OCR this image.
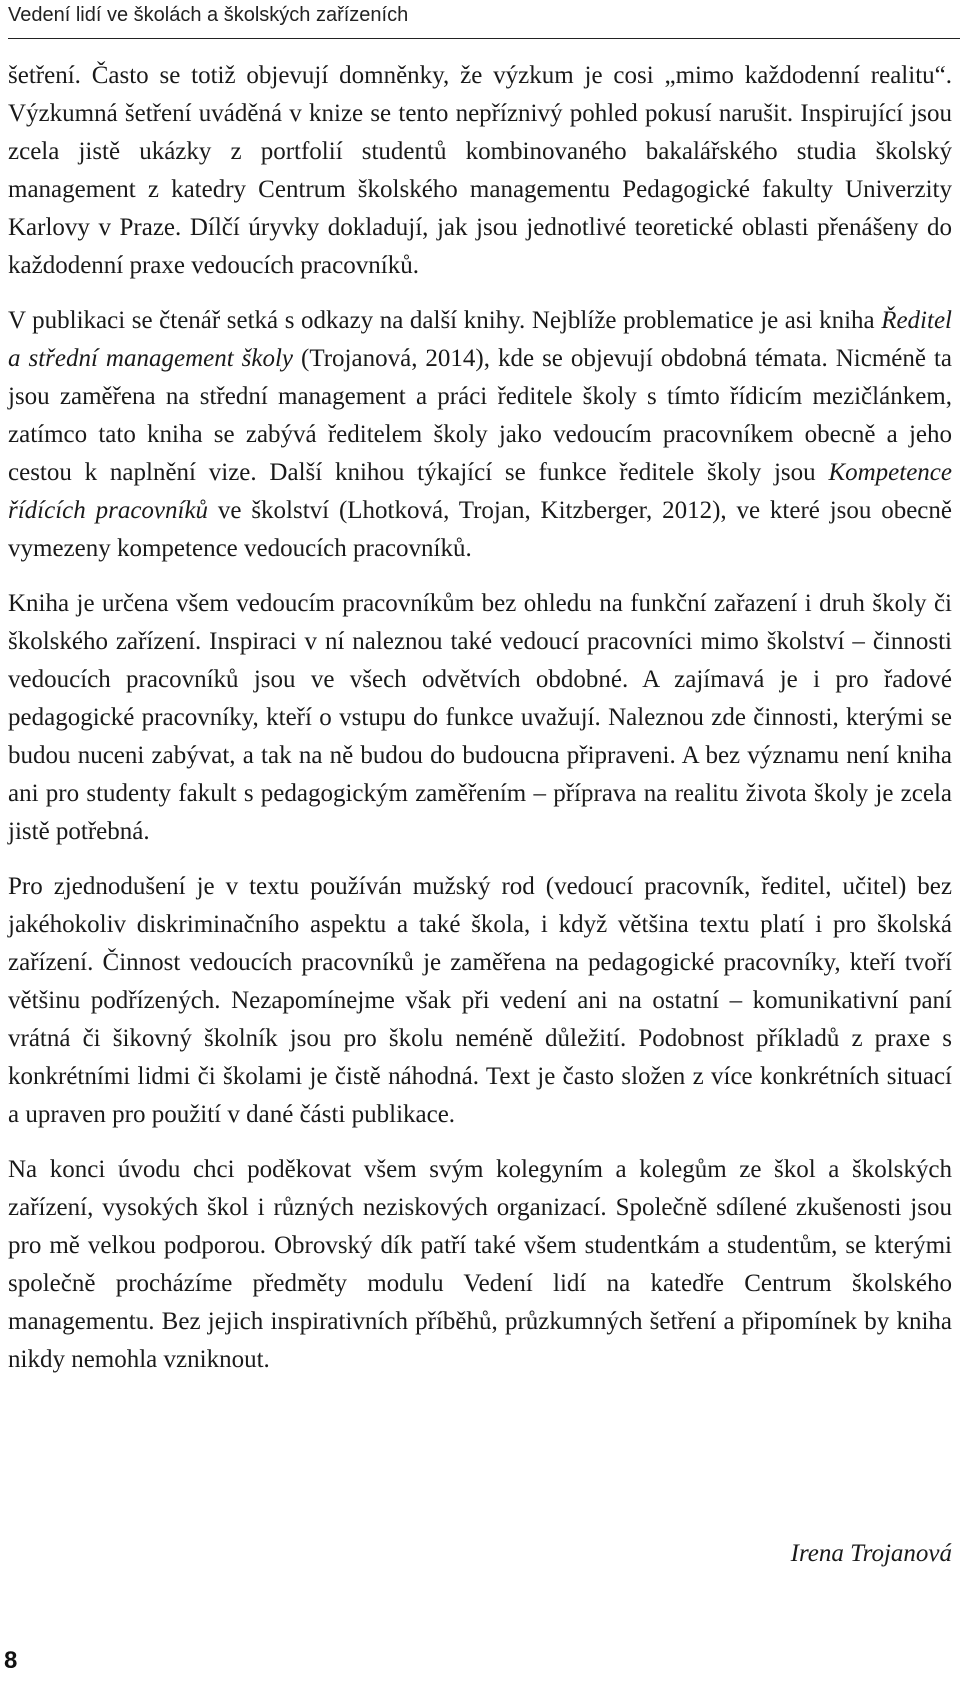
Vedení lidí ve školách a školských zařízeních

šetření. Často se totiž objevují domněnky, že výzkum je cosi „mimo každodenní realitu“. Výzkumná šetření uváděná v knize se tento nepříznivý pohled pokusí narušit. Inspirující jsou zcela jistě ukázky z portfolií studentů kombinovaného bakalářského studia školský management z katedry Centrum školského managementu Pedagogické fakulty Univerzity Karlovy v Praze. Dílčí úryvky dokladují, jak jsou jednotlivé teoretické oblasti přenášeny do každodenní praxe vedoucích pracovníků.

V publikaci se čtenář setká s odkazy na další knihy. Nejblíže problematice je asi kniha Ředitel a střední management školy (Trojanová, 2014), kde se objevují obdobná témata. Nicméně ta jsou zaměřena na střední management a práci ředitele školy s tímto řídicím mezičlánkem, zatímco tato kniha se zabývá ředitelem školy jako vedoucím pracovníkem obecně a jeho cestou k naplnění vize. Další knihou týkající se funkce ředitele školy jsou Kompetence řídících pracovníků ve školství (Lhotková, Trojan, Kitzberger, 2012), ve které jsou obecně vymezeny kompetence vedoucích pracovníků.

Kniha je určena všem vedoucím pracovníkům bez ohledu na funkční zařazení i druh školy či školského zařízení. Inspiraci v ní naleznou také vedoucí pracovníci mimo školství – činnosti vedoucích pracovníků jsou ve všech odvětvích obdobné. A zajímavá je i pro řadové pedagogické pracovníky, kteří o vstupu do funkce uvažují. Naleznou zde činnosti, kterými se budou nuceni zabývat, a tak na ně budou do budoucna připraveni. A bez významu není kniha ani pro studenty fakult s pedagogickým zaměřením – příprava na realitu života školy je zcela jistě potřebná.

Pro zjednodušení je v textu používán mužský rod (vedoucí pracovník, ředitel, učitel) bez jakéhokoliv diskriminačního aspektu a také škola, i když většina textu platí i pro školská zařízení. Činnost vedoucích pracovníků je zaměřena na pedagogické pracovníky, kteří tvoří většinu podřízených. Nezapomínejme však při vedení ani na ostatní – komunikativní paní vrátná či šikovný školník jsou pro školu neméně důležití. Podobnost příkladů z praxe s konkrétními lidmi či školami je čistě náhodná. Text je často složen z více konkrétních situací a upraven pro použití v dané části publikace.

Na konci úvodu chci poděkovat všem svým kolegyním a kolegům ze škol a školských zařízení, vysokých škol i různých neziskových organizací. Společně sdílené zkušenosti jsou pro mě velkou podporou. Obrovský dík patří také všem studentkám a studentům, se kterými společně procházíme předměty modulu Vedení lidí na katedře Centrum školského managementu. Bez jejich inspirativních příběhů, průzkumných šetření a připomínek by kniha nikdy nemohla vzniknout.

Irena Trojanová
8
